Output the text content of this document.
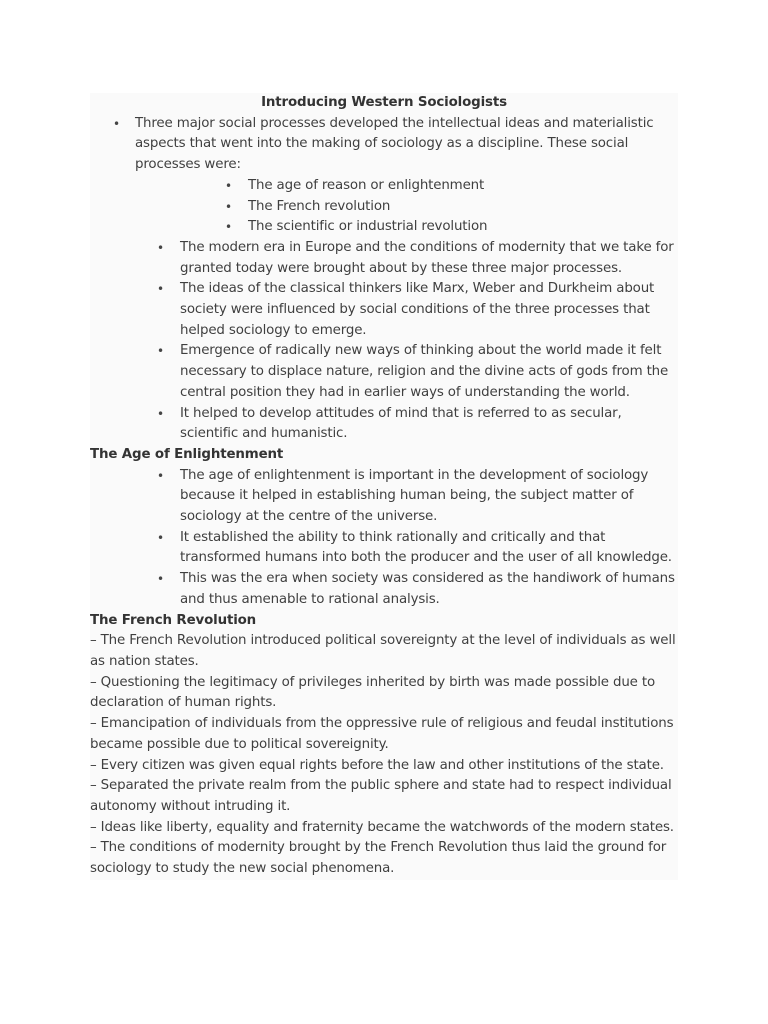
Introducing Western Sociologists
• Three major social processes developed the intellectual ideas and materialistic aspects that went into the making of sociology as a discipline. These social processes were:
• The age of reason or enlightenment
• The French revolution
• The scientific or industrial revolution
• The modern era in Europe and the conditions of modernity that we take for granted today were brought about by these three major processes.
• The ideas of the classical thinkers like Marx, Weber and Durkheim about society were influenced by social conditions of the three processes that helped sociology to emerge.
• Emergence of radically new ways of thinking about the world made it felt necessary to displace nature, religion and the divine acts of gods from the central position they had in earlier ways of understanding the world.
• It helped to develop attitudes of mind that is referred to as secular, scientific and humanistic.
The Age of Enlightenment
• The age of enlightenment is important in the development of sociology because it helped in establishing human being, the subject matter of sociology at the centre of the universe.
• It established the ability to think rationally and critically and that transformed humans into both the producer and the user of all knowledge.
• This was the era when society was considered as the handiwork of humans and thus amenable to rational analysis.
The French Revolution

– The French Revolution introduced political sovereignty at the level of individuals as well as nation states.

– Questioning the legitimacy of privileges inherited by birth was made possible due to declaration of human rights.

– Emancipation of individuals from the oppressive rule of religious and feudal institutions became possible due to political sovereignity.

– Every citizen was given equal rights before the law and other institutions of the state.

– Separated the private realm from the public sphere and state had to respect individual autonomy without intruding it.

– Ideas like liberty, equality and fraternity became the watchwords of the modern states.

– The conditions of modernity brought by the French Revolution thus laid the ground for sociology to study the new social phenomena.
